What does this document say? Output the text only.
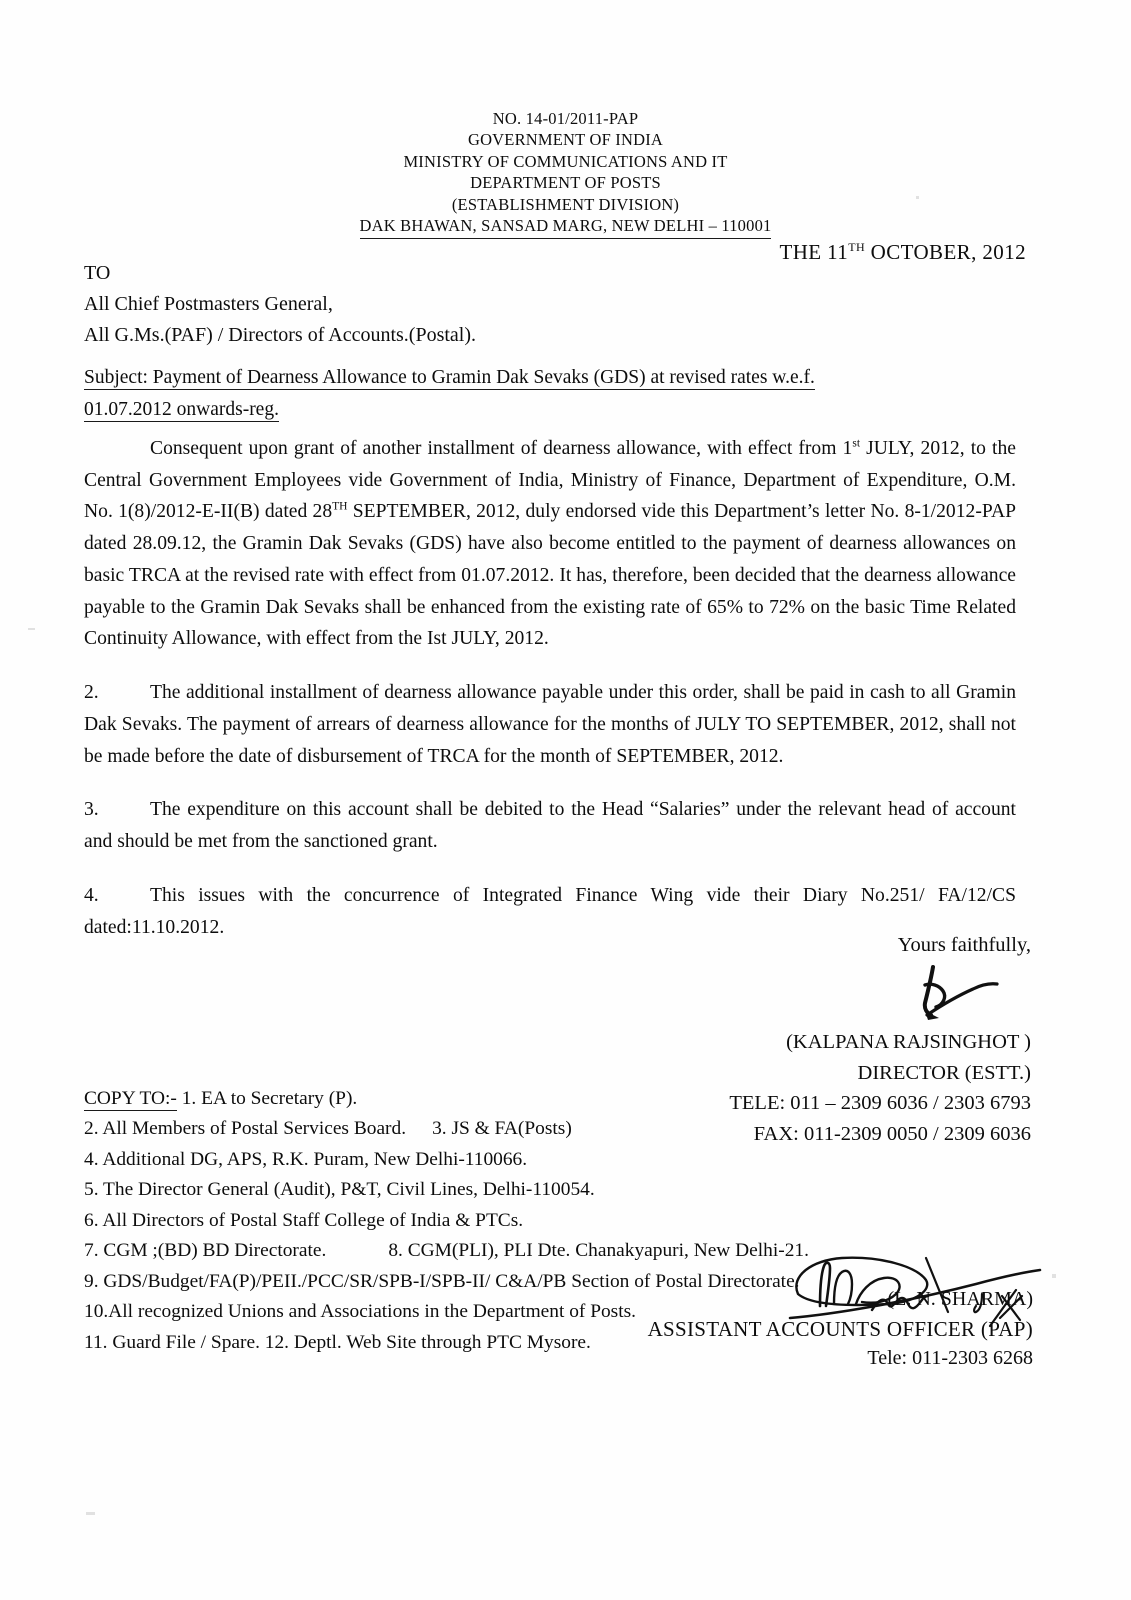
NO. 14-01/2011-PAP
GOVERNMENT OF INDIA
MINISTRY OF COMMUNICATIONS AND IT
DEPARTMENT OF POSTS
(ESTABLISHMENT DIVISION)
DAK BHAWAN, SANSAD MARG, NEW DELHI – 110001
THE 11TH OCTOBER, 2012
TO
All Chief Postmasters General,
All G.Ms.(PAF) / Directors of Accounts.(Postal).
Subject: Payment of Dearness Allowance to Gramin Dak Sevaks (GDS) at revised rates w.e.f.
01.07.2012 onwards-reg.

Consequent upon grant of another installment of dearness allowance, with effect from 1st JULY, 2012, to the Central Government Employees vide Government of India, Ministry of Finance, Department of Expenditure, O.M. No. 1(8)/2012-E-II(B) dated 28TH SEPTEMBER, 2012, duly endorsed vide this Department’s letter No. 8-1/2012-PAP dated 28.09.12, the Gramin Dak Sevaks (GDS) have also become entitled to the payment of dearness allowances on basic TRCA at the revised rate with effect from 01.07.2012. It has, therefore, been decided that the dearness allowance payable to the Gramin Dak Sevaks shall be enhanced from the existing rate of 65% to 72% on the basic Time Related Continuity Allowance, with effect from the Ist JULY, 2012.

2.	The additional installment of dearness allowance payable under this order, shall be paid in cash to all Gramin Dak Sevaks. The payment of arrears of dearness allowance for the months of JULY TO SEPTEMBER, 2012, shall not be made before the date of disbursement of TRCA for the month of SEPTEMBER, 2012.

3.	The expenditure on this account shall be debited to the Head “Salaries” under the relevant head of account and should be met from the sanctioned grant.

4.	This issues with the concurrence of Integrated Finance Wing vide their Diary No.251/ FA/12/CS dated:11.10.2012.

Yours faithfully,
(KALPANA RAJSINGHOT )
DIRECTOR (ESTT.)
TELE: 011 – 2309 6036 / 2303 6793
FAX: 011-2309 0050 / 2309 6036
COPY TO:- 1. EA to Secretary (P).
2. All Members of Postal Services Board. 3. JS & FA(Posts)
4. Additional DG, APS, R.K. Puram, New Delhi-110066.
5. The Director General (Audit), P&T, Civil Lines, Delhi-110054.
6. All Directors of Postal Staff College of India & PTCs.
7. CGM ;(BD) BD Directorate.	8. CGM(PLI), PLI Dte. Chanakyapuri, New Delhi-21.
9. GDS/Budget/FA(P)/PEII./PCC/SR/SPB-I/SPB-II/ C&A/PB Section of Postal Directorate.
10.All recognized Unions and Associations in the Department of Posts.
11. Guard File / Spare. 12. Deptl. Web Site through PTC Mysore.
(L. N. SHARMA)
ASSISTANT ACCOUNTS OFFICER (PAP)
Tele: 011-2303 6268
